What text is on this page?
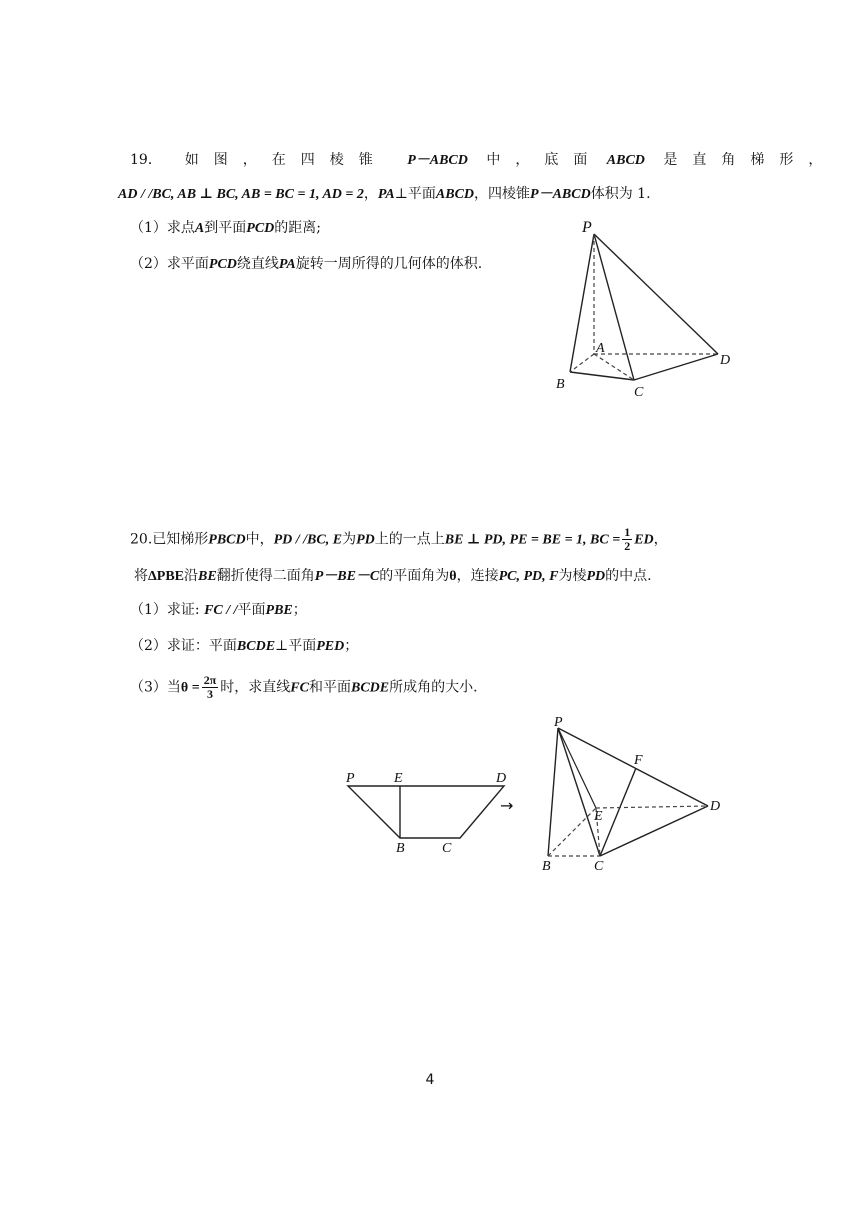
19． 如图，在四棱锥 P－ABCD 中，底面 ABCD 是直角梯形，
AD / /BC, AB ⊥ BC, AB = BC = 1, AD = 2，PA⊥平面ABCD，四棱锥P－ABCD体积为 1.
（1）求点A到平面PCD的距离;
（2）求平面PCD绕直线PA旋转一周所得的几何体的体积.
P
A
B
C
D
20.已知梯形PBCD中，PD / /BC, E为PD上的一点上BE ⊥ PD, PE = BE = 1, BC = $\frac{1}{2}$ ED，
将ΔPBE沿BE翻折使得二面角P－BE－C的平面角为θ，连接PC, PD, F为棱PD的中点.
（1）求证: FC / /平面PBE；
（2）求证：平面BCDE⊥平面PED；
（3）当$\theta = \frac{2\pi}{3}$ 时，求直线FC和平面BCDE所成角的大小.
P	E	D
B	C
→
P
F
E
D
B	C
4
